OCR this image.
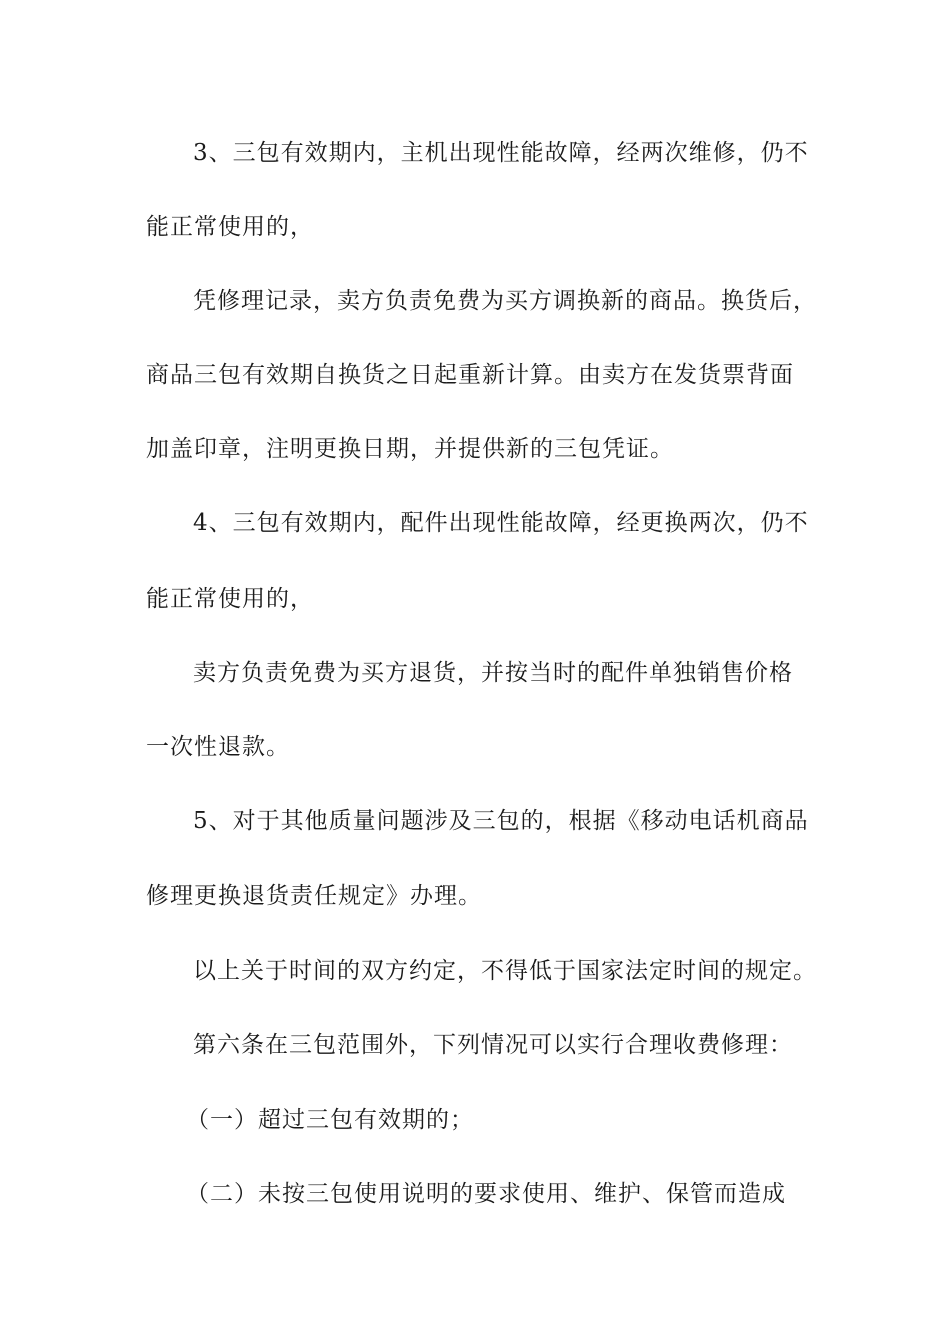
3、三包有效期内，主机出现性能故障，经两次维修，仍不
能正常使用的，
凭修理记录，卖方负责免费为买方调换新的商品。换货后，
商品三包有效期自换货之日起重新计算。由卖方在发货票背面
加盖印章，注明更换日期，并提供新的三包凭证。
4、三包有效期内，配件出现性能故障，经更换两次，仍不
能正常使用的，
卖方负责免费为买方退货，并按当时的配件单独销售价格
一次性退款。
5、对于其他质量问题涉及三包的，根据《移动电话机商品
修理更换退货责任规定》办理。
以上关于时间的双方约定，不得低于国家法定时间的规定。
第六条在三包范围外，下列情况可以实行合理收费修理：
（一）超过三包有效期的；
（二）未按三包使用说明的要求使用、维护、保管而造成
